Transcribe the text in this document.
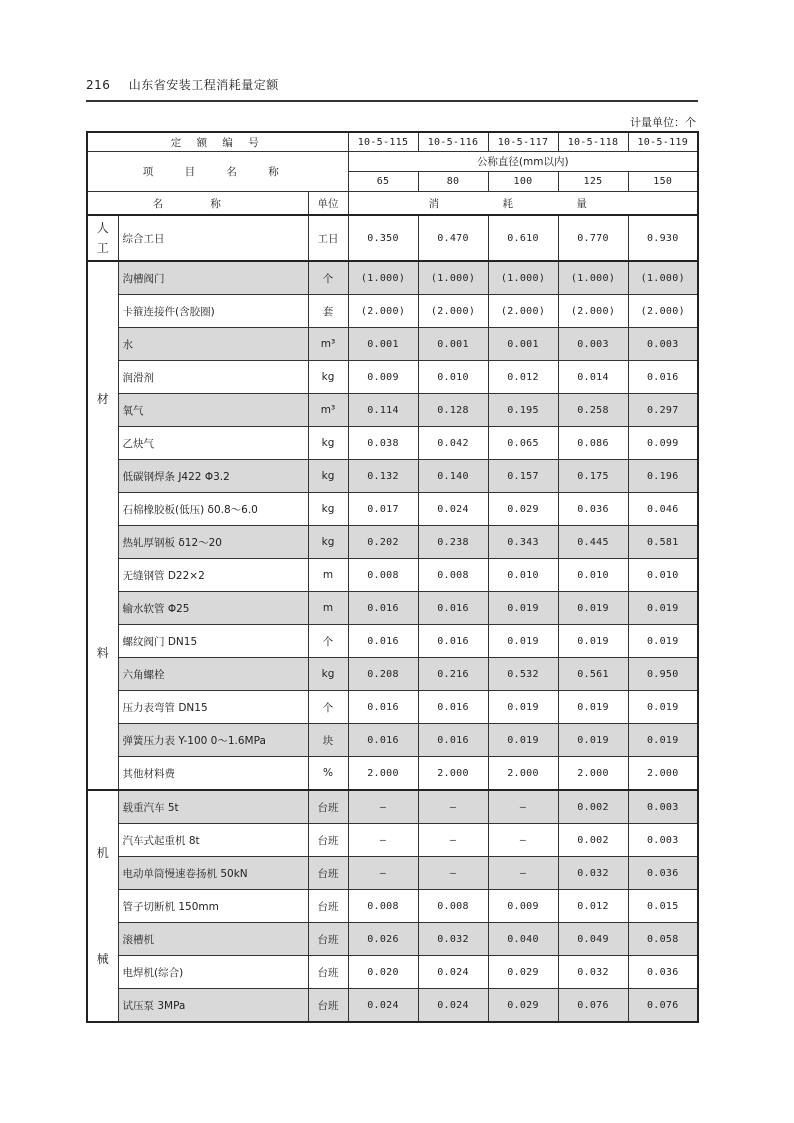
216 山东省安装工程消耗量定额
计量单位：个
定 额 编 号			10-5-115	10-5-116	10-5-117	10-5-118	10-5-119
项 目 名 称			公称直径(mm以内)				
			65	80	100	125	150
名 称		单位	消 耗 量				

人
工	综合工日	工日	0.350	0.470	0.610	0.770	0.930

材
料	沟槽阀门	个	(1.000)	(1.000)	(1.000)	(1.000)	(1.000)
	卡箍连接件(含胶圈)	套	(2.000)	(2.000)	(2.000)	(2.000)	(2.000)
	水	m³	0.001	0.001	0.001	0.003	0.003
	润滑剂	kg	0.009	0.010	0.012	0.014	0.016
	氧气	m³	0.114	0.128	0.195	0.258	0.297
	乙炔气	kg	0.038	0.042	0.065	0.086	0.099
	低碳钢焊条 J422 Φ3.2	kg	0.132	0.140	0.157	0.175	0.196
	石棉橡胶板(低压) δ0.8～6.0	kg	0.017	0.024	0.029	0.036	0.046
	热轧厚钢板 δ12～20	kg	0.202	0.238	0.343	0.445	0.581
	无缝钢管 D22×2	m	0.008	0.008	0.010	0.010	0.010
	输水软管 Φ25	m	0.016	0.016	0.019	0.019	0.019
	螺纹阀门 DN15	个	0.016	0.016	0.019	0.019	0.019
	六角螺栓	kg	0.208	0.216	0.532	0.561	0.950
	压力表弯管 DN15	个	0.016	0.016	0.019	0.019	0.019
	弹簧压力表 Y-100 0～1.6MPa	块	0.016	0.016	0.019	0.019	0.019
	其他材料费	%	2.000	2.000	2.000	2.000	2.000

机
械	载重汽车 5t	台班	—	—	—	0.002	0.003
	汽车式起重机 8t	台班	—	—	—	0.002	0.003
	电动单筒慢速卷扬机 50kN	台班	—	—	—	0.032	0.036
	管子切断机 150mm	台班	0.008	0.008	0.009	0.012	0.015
	滚槽机	台班	0.026	0.032	0.040	0.049	0.058
	电焊机(综合)	台班	0.020	0.024	0.029	0.032	0.036
	试压泵 3MPa	台班	0.024	0.024	0.029	0.076	0.076
